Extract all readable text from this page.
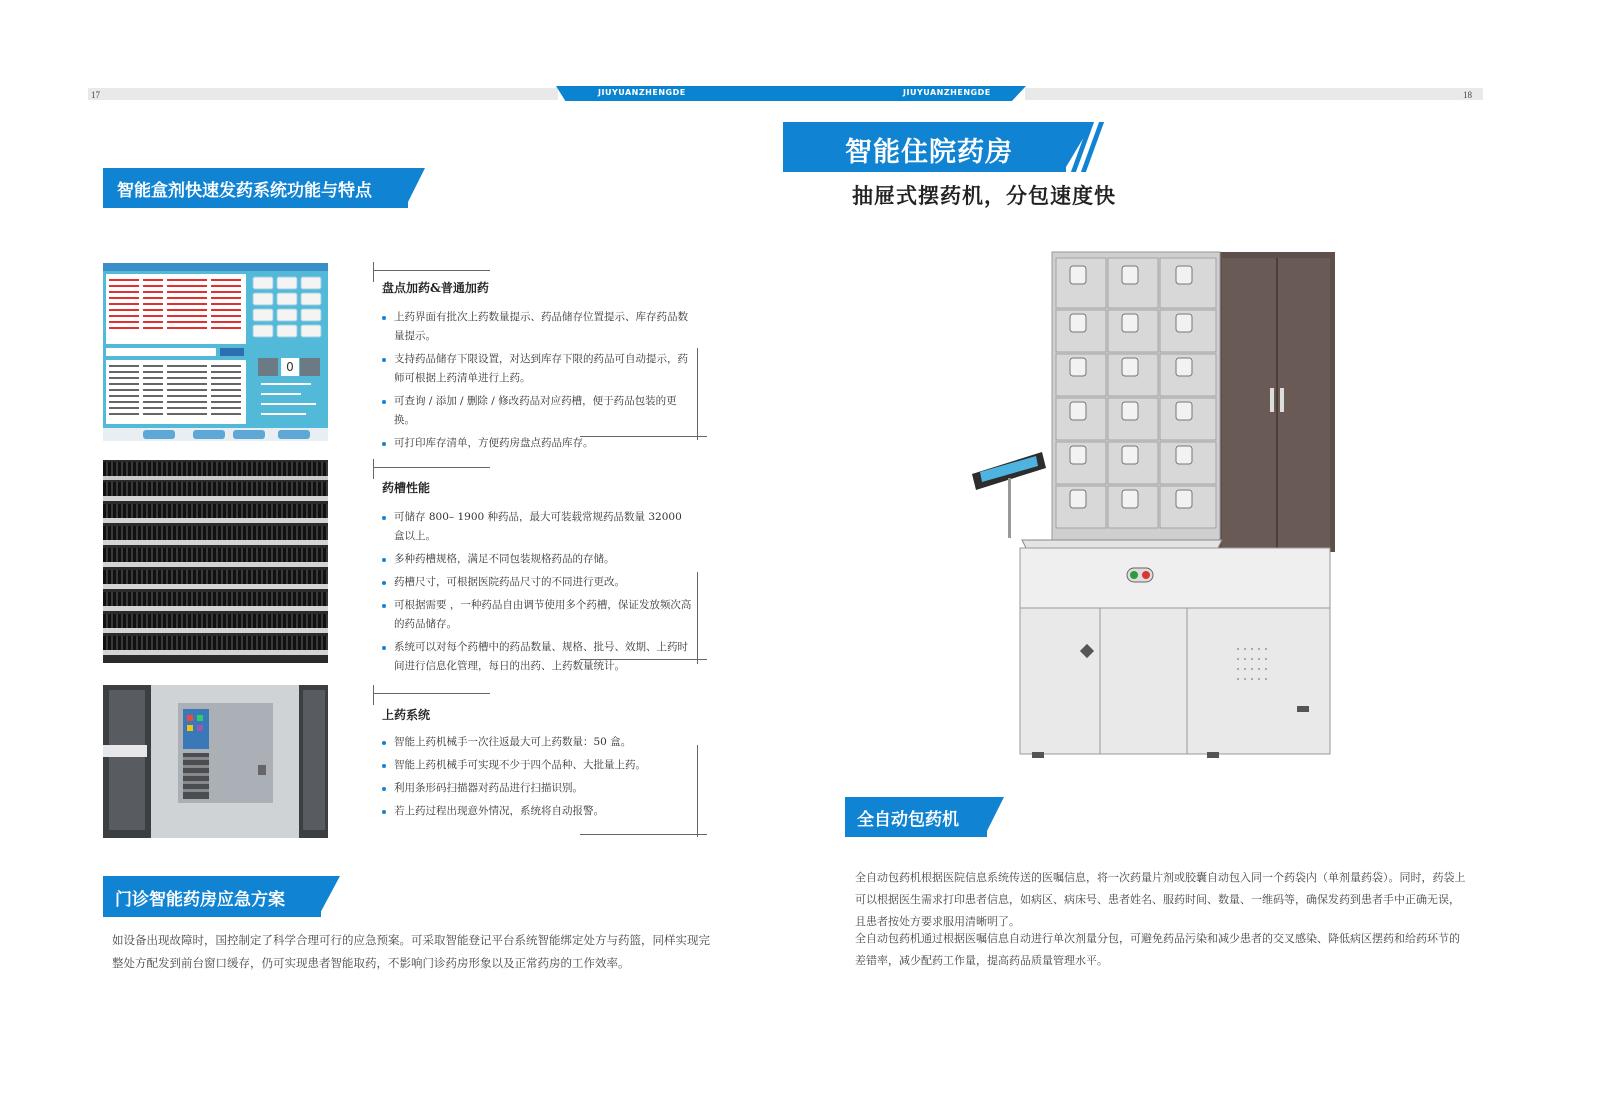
JIUYUANZHENGDE	JIUYUANZHENGDE
17	18
智能盒剂快速发药系统功能与特点
0
盘点加药&普通加药
上药界面有批次上药数量提示、药品储存位置提示、库存药品数量提示。
支持药品储存下限设置，对达到库存下限的药品可自动提示，药师可根据上药清单进行上药。
可查询 / 添加 / 删除 / 修改药品对应药槽，便于药品包装的更换。
可打印库存清单，方便药房盘点药品库存。
药槽性能
可储存 800– 1900 种药品，最大可装载常规药品数量 32000 盒以上。
多种药槽规格，满足不同包装规格药品的存储。
药槽尺寸，可根据医院药品尺寸的不同进行更改。
可根据需要 ，一种药品自由调节使用多个药槽，保证发放频次高的药品储存。
系统可以对每个药槽中的药品数量、规格、批号、效期、上药时间进行信息化管理，每日的出药、上药数量统计。
上药系统
智能上药机械手一次往返最大可上药数量：50 盒。
智能上药机械手可实现不少于四个品种、大批量上药。
利用条形码扫描器对药品进行扫描识别。
若上药过程出现意外情况，系统将自动报警。
门诊智能药房应急方案
如设备出现故障时，国控制定了科学合理可行的应急预案。可采取智能登记平台系统智能绑定处方与药篮，同样实现完整处方配发到前台窗口缓存，仍可实现患者智能取药，不影响门诊药房形象以及正常药房的工作效率。
智能住院药房
抽屉式摆药机，分包速度快
全自动包药机
全自动包药机根据医院信息系统传送的医嘱信息，将一次药量片剂或胶囊自动包入同一个药袋内（单剂量药袋）。同时，药袋上可以根据医生需求打印患者信息，如病区、病床号、患者姓名、服药时间、数量、一维码等，确保发药到患者手中正确无误，且患者按处方要求服用清晰明了。
全自动包药机通过根据医嘱信息自动进行单次剂量分包，可避免药品污染和减少患者的交叉感染、降低病区摆药和给药环节的差错率，减少配药工作量，提高药品质量管理水平。
